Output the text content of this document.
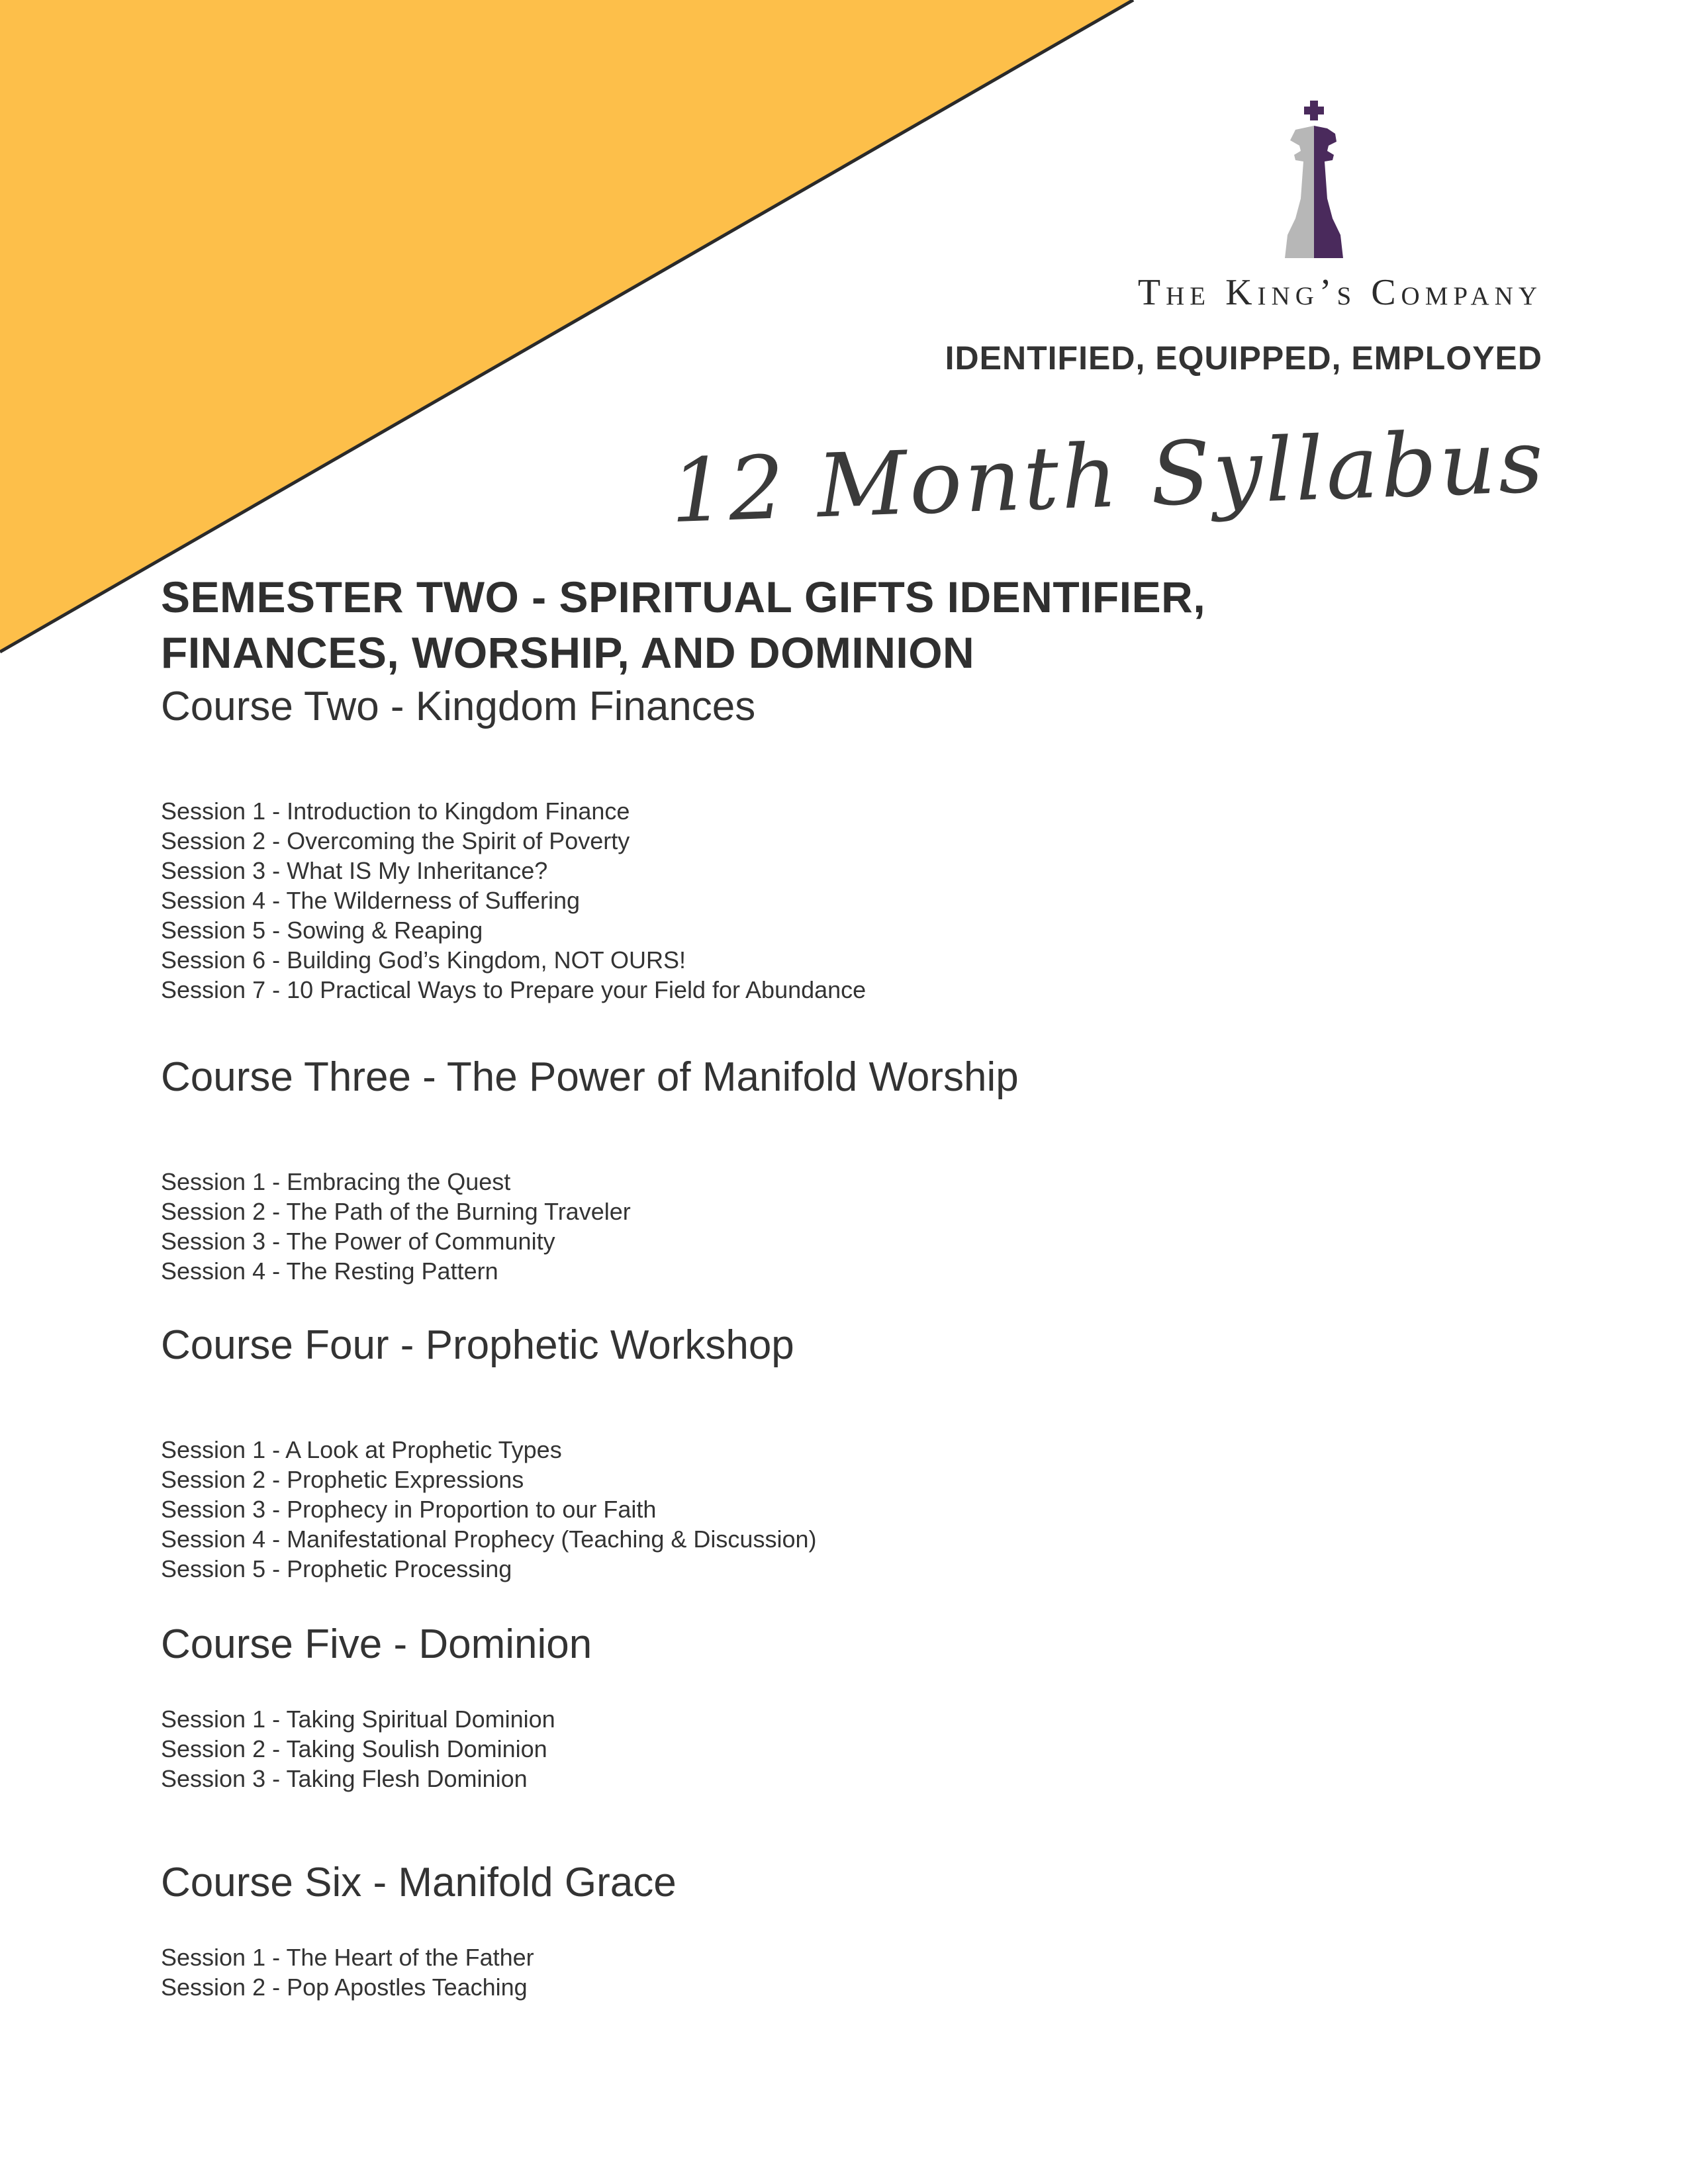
The King’s Company
IDENTIFIED, EQUIPPED, EMPLOYED
12 Month Syllabus
SEMESTER TWO - SPIRITUAL GIFTS IDENTIFIER, FINANCES, WORSHIP, AND DOMINION
Course Two - Kingdom Finances
Session 1 - Introduction to Kingdom Finance
Session 2 - Overcoming the Spirit of Poverty
Session 3 - What IS My Inheritance?
Session 4 - The Wilderness of Suffering
Session 5 - Sowing & Reaping
Session 6 - Building God’s Kingdom, NOT OURS!
Session 7 - 10 Practical Ways to Prepare your Field for Abundance
Course Three - The Power of Manifold Worship
Session 1 - Embracing the Quest
Session 2 - The Path of the Burning Traveler
Session 3 - The Power of Community
Session 4 - The Resting Pattern
Course Four - Prophetic Workshop
Session 1 - A Look at Prophetic Types
Session 2 - Prophetic Expressions
Session 3 - Prophecy in Proportion to our Faith
Session 4 - Manifestational Prophecy (Teaching & Discussion)
Session 5 - Prophetic Processing
Course Five - Dominion
Session 1 - Taking Spiritual Dominion
Session 2 - Taking Soulish Dominion
Session 3 - Taking Flesh Dominion
Course Six - Manifold Grace
Session 1 - The Heart of the Father
Session 2 - Pop Apostles Teaching
